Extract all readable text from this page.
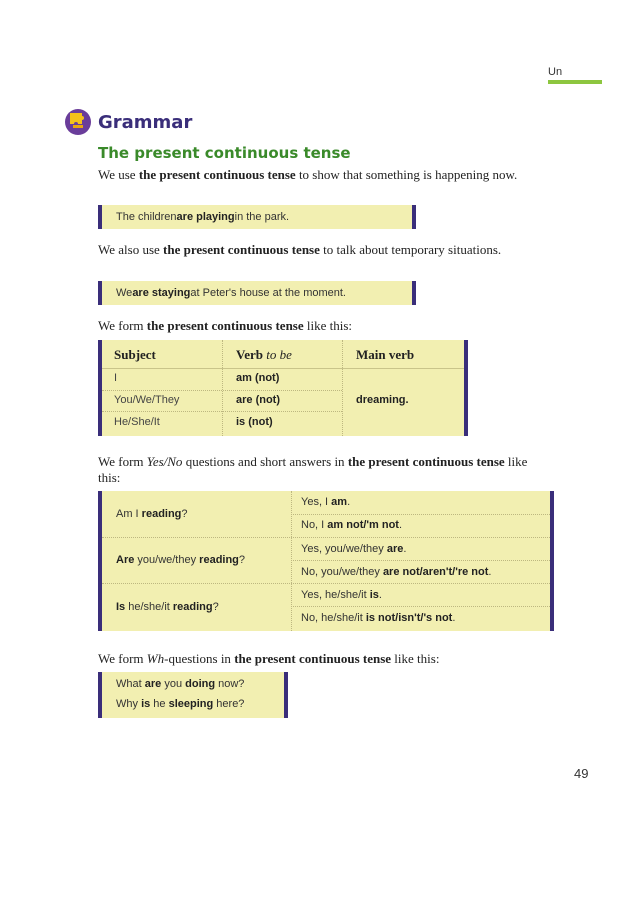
Un
Grammar
The present continuous tense
We use the present continuous tense to show that something is happening now.
The children are playing in the park.
We also use the present continuous tense to talk about temporary situations.
We are staying at Peter's house at the moment.
We form the present continuous tense like this:
Subject	Verb to be	Main verb
I	am (not)
You/We/They	are (not)
He/She/It	is (not)
dreaming.
We form Yes/No questions and short answers in the present continuous tense like this:
Am I reading?
Yes, I am.
No, I am not/'m not.
Are you/we/they reading?
Yes, you/we/they are.
No, you/we/they are not/aren't/'re not.
Is he/she/it reading?
Yes, he/she/it is.
No, he/she/it is not/isn't/'s not.
We form Wh-questions in the present continuous tense like this:
What are you doing now?
Why is he sleeping here?
49
